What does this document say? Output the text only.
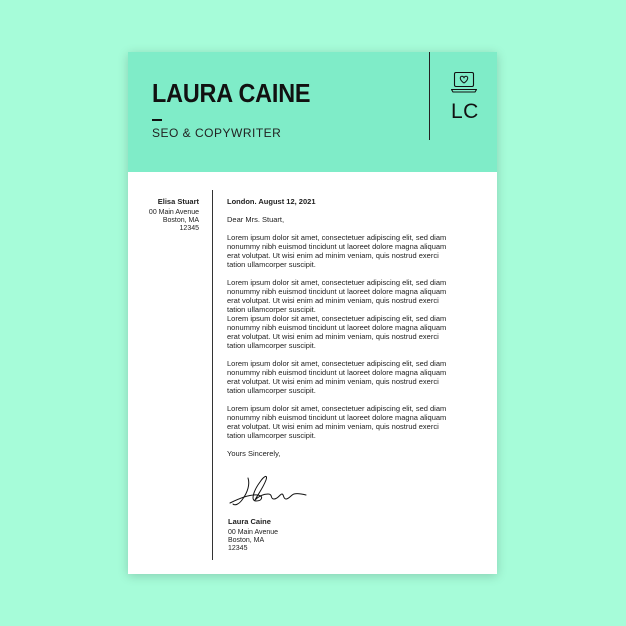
LAURA CAINE
SEO & COPYWRITER
LC
Elisa Stuart
00 Main Avenue
Boston, MA
12345
London. August 12, 2021
Dear Mrs. Stuart,
Lorem ipsum dolor sit amet, consectetuer adipiscing elit, sed diam
nonummy nibh euismod tincidunt ut laoreet dolore magna aliquam
erat volutpat. Ut wisi enim ad minim veniam, quis nostrud exerci
tation ullamcorper suscipit.
Lorem ipsum dolor sit amet, consectetuer adipiscing elit, sed diam
nonummy nibh euismod tincidunt ut laoreet dolore magna aliquam
erat volutpat. Ut wisi enim ad minim veniam, quis nostrud exerci
tation ullamcorper suscipit.
Lorem ipsum dolor sit amet, consectetuer adipiscing elit, sed diam
nonummy nibh euismod tincidunt ut laoreet dolore magna aliquam
erat volutpat. Ut wisi enim ad minim veniam, quis nostrud exerci
tation ullamcorper suscipit.
Lorem ipsum dolor sit amet, consectetuer adipiscing elit, sed diam
nonummy nibh euismod tincidunt ut laoreet dolore magna aliquam
erat volutpat. Ut wisi enim ad minim veniam, quis nostrud exerci
tation ullamcorper suscipit.
Lorem ipsum dolor sit amet, consectetuer adipiscing elit, sed diam
nonummy nibh euismod tincidunt ut laoreet dolore magna aliquam
erat volutpat. Ut wisi enim ad minim veniam, quis nostrud exerci
tation ullamcorper suscipit.
Yours Sincerely,
Laura Caine
00 Main Avenue
Boston, MA
12345
